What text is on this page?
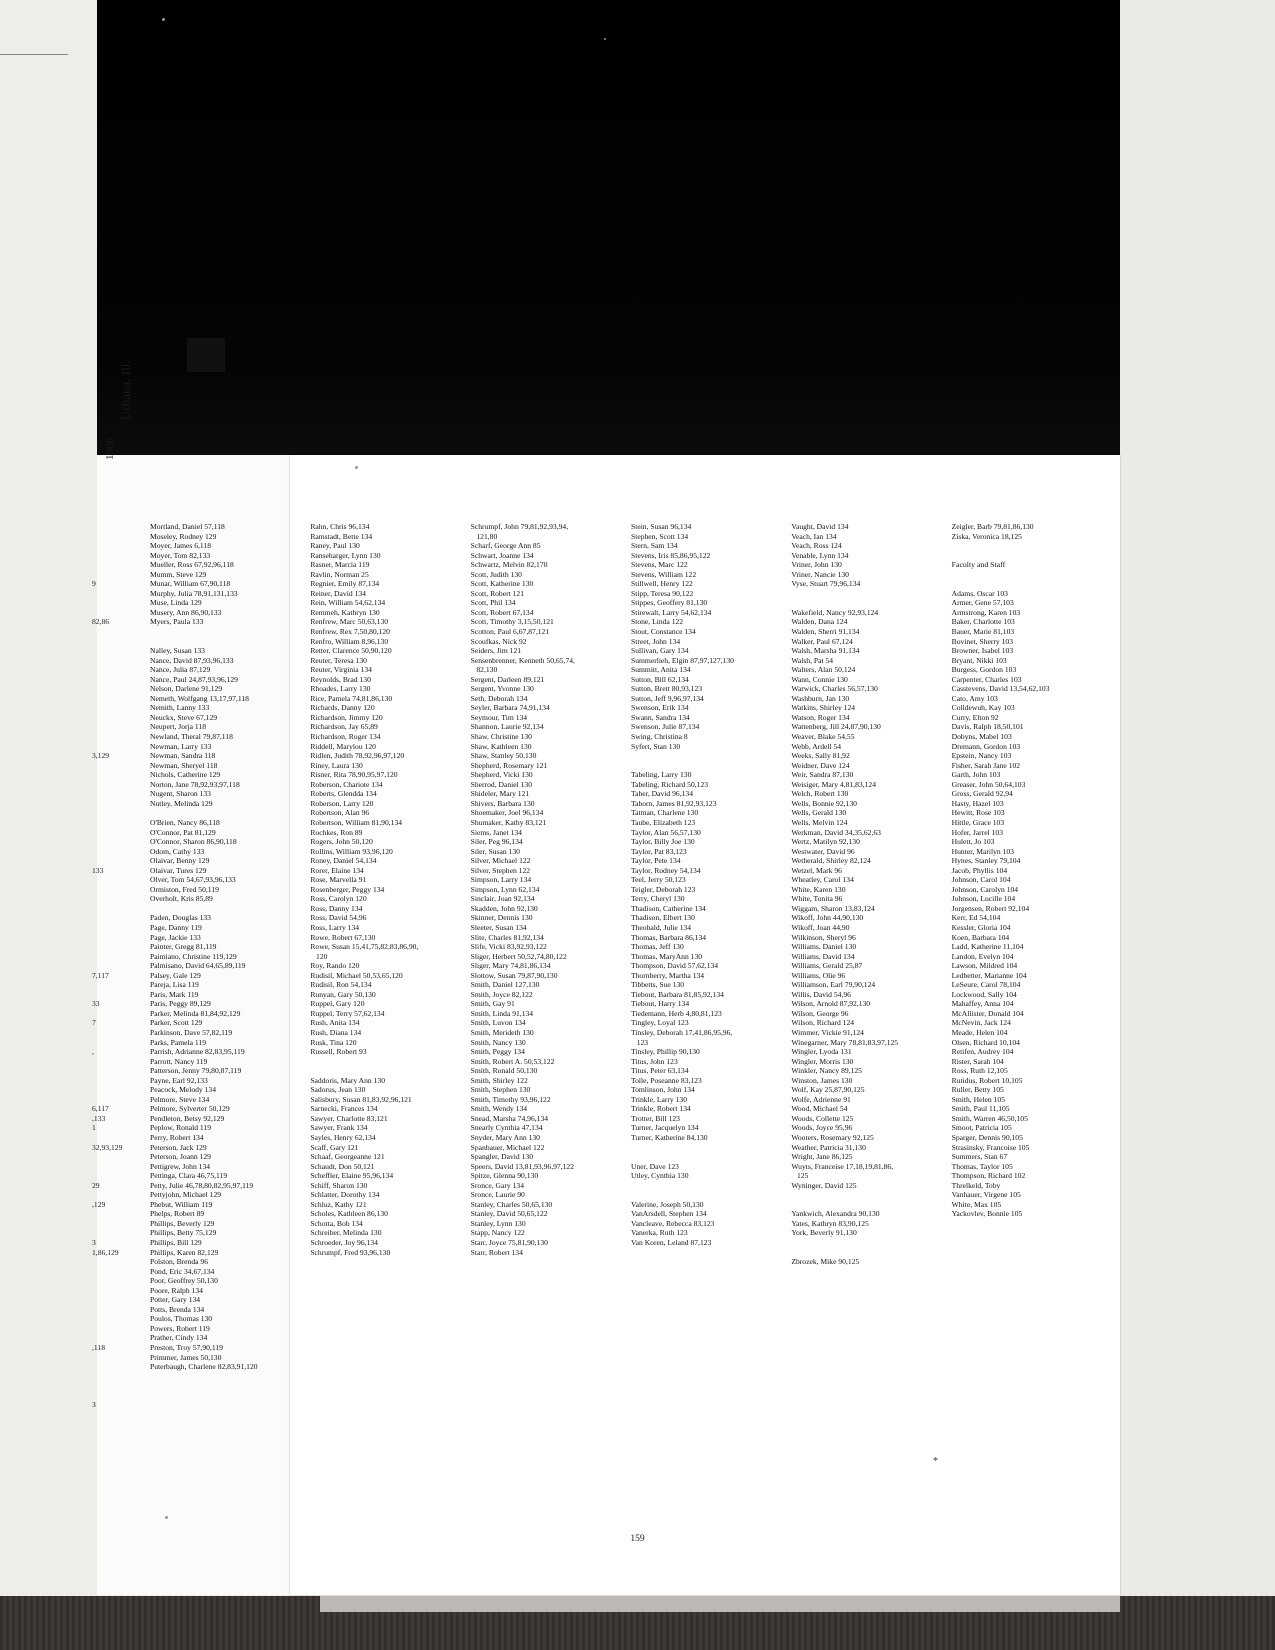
1966
Urbana, Ill.
9
82,86
3,129
133
7,117
33
7
,
6,117
,133
1
32,93,129
29
,129
3
1,86,129
,118
3
Mortland, Daniel 57,118
Moseley, Rodney 129
Moyer, James 6,118
Moyer, Tom 82,133
Mueller, Ross 67,92,96,118
Mumm, Steve 129
Munar, William 67,90,118
Murphy, Julia 78,91,131,133
Muse, Linda 129
Musery, Ann 86,90,133
Myers, Paula 133
Nalley, Susan 133
Nance, David 87,93,96,133
Nance, Julia 87,129
Nance, Paul 24,87,93,96,129
Nelson, Darlene 91,129
Nemeth, Wolfgang 13,17,97,118
Nemith, Lanny 133
Neuckx, Steve 67,129
Neupert, Jorja 118
Newland, Theral 79,87,118
Newman, Larry 133
Newman, Sandra 118
Newman, Sheryel 118
Nichols, Catherine 129
Norton, Jane 78,92,93,97,118
Nugent, Sharon 133
Nutley, Melinda 129
O'Brien, Nancy 86,118
O'Connor, Pat 81,129
O'Connor, Sharon 86,90,118
Odom, Cathy 133
Olaivar, Benny 129
Olaivar, Tures 129
Olver, Tom 54,67,93,96,133
Ormiston, Fred 50,119
Overholt, Kris 85,89
Paden, Douglas 133
Page, Danny 119
Page, Jackie 133
Painter, Gregg 81,119
Paimiano, Christine 119,129
Palmisano, David 64,65,89,119
Palsey, Gale 129
Pareja, Lisa 119
Paris, Mark 119
Paris, Peggy 89,129
Parker, Melinda 81,84,92,129
Parker, Scott 129
Parkinson, Dave 57,82,119
Parks, Pamela 119
Parrish, Adrianne 82,83,95,119
Parrott, Nancy 119
Patterson, Jenny 79,80,87,119
Payne, Earl 92,133
Peacock, Melody 134
Pelmore, Steve 134
Pelmore, Sylverter 50,129
Pendleton, Betsy 92,129
Peplow, Ronald 119
Perry, Robert 134
Peterson, Jack 129
Peterson, Joann 129
Pettigrew, John 134
Pettinga, Clara 46,75,119
Petty, Julie 46,78,80,82,95,97,119
Pettyjohn, Michael 129
Phebut, William 119
Phelps, Robert 89
Phillips, Beverly 129
Phillips, Betty 75,129
Phillips, Bill 129
Phillips, Karen 82,129
Polston, Brenda 96
Pond, Eric 34,67,134
Poor, Geoffrey 50,130
Poore, Ralph 134
Potter, Gary 134
Potts, Brenda 134
Poulos, Thomas 130
Powers, Robert 119
Prather, Cindy 134
Preston, Troy 57,90,119
Primmer, James 50,130
Puterbaugh, Charlene 82,83,91,120
Rahn, Chris 96,134
Ramstadt, Bette 134
Raney, Paul 130
Ranseharger, Lynn 130
Rasner, Marcia 119
Ravlin, Norman 25
Regnier, Emily 87,134
Reiner, David 134
Rein, William 54,62,134
Remmeh, Kathryn 130
Renfrew, Marc 50,63,130
Renfrew, Rex 7,50,80,120
Renfro, William 8,96,130
Retter, Clarence 50,90,120
Reuter, Teresa 130
Reuter, Virginia 134
Reynolds, Brad 130
Rhoades, Larry 130
Rice, Pamela 74,81,86,130
Richards, Danny 120
Richardson, Jimmy 120
Richardson, Jay 65,89
Richardson, Roger 134
Riddell, Marylou 120
Ridlen, Judith 78,92,96,97,120
Riney, Laura 130
Risner, Rita 78,90,95,97,120
Roberson, Chariote 134
Roberts, Glendda 134
Roberson, Larry 120
Robertson, Alan 96
Robertson, William 81,90,134
Rochkes, Ron 89
Rogers, John 50,120
Rollins, William 93,96,120
Roney, Daniel 54,134
Rorer, Elaine 134
Rose, Marvella 91
Rosenberger, Peggy 134
Ross, Carolyn 120
Ross, Danny 134
Ross, David 54,96
Ross, Larry 134
Rowe, Robert 67,130
Rowe, Susan 15,41,75,82,83,86,90,
120
Roy, Rando 120
Rudisil, Michael 50,53,65,120
Rudisil, Ron 54,134
Runyan, Gary 50,130
Ruppel, Gary 120
Ruppel, Terry 57,62,134
Rush, Anita 134
Rush, Diana 134
Rusk, Tina 120
Russell, Robert 93
Saddoris, Mary Ann 130
Sadorus, Jean 130
Salisbury, Susan 81,83,92,96,121
Sarnecki, Frances 134
Sawyer, Charlotte 83,121
Sawyer, Frank 134
Sayles, Henry 62,134
Scaff, Gary 121
Schaaf, Georgeanne 121
Schaudt, Don 50,121
Scheffler, Elaine 95,96,134
Schiff, Sharon 130
Schlatter, Dorothy 134
Schluz, Kathy 121
Scholes, Kathleen 86,130
Schotta, Bob 134
Schreiber, Melinda 130
Schroeder, Joy 96,134
Schrumpf, Fred 93,96,130
Schrumpf, John 79,81,92,93,94,
121,80
Scharf, George Ann 85
Schwart, Joanne 134
Schwartz, Melvin 82,170
Scott, Judith 130
Scott, Katherine 130
Scott, Robert 121
Scott, Phil 134
Scott, Robert 67,134
Scott, Timothy 3,15,50,121
Scotton, Paul 6,67,87,121
Scoufkas, Nick 92
Seiders, Jim 121
Sensenbrenner, Kenneth 50,65,74,
82,130
Sergent, Darleen 89,121
Sergent, Yvonne 130
Seth, Deborah 134
Seyler, Barbara 74,91,134
Seymour, Tim 134
Shannon, Laurie 92,134
Shaw, Christine 130
Shaw, Kathleen 130
Shaw, Stanley 50,130
Shepherd, Rosemary 121
Shepherd, Vicki 130
Sherrod, Daniel 130
Shideler, Mary 121
Shivers, Barbara 130
Shoemaker, Joel 96,134
Shumaker, Kathy 83,121
Siems, Janet 134
Siler, Peg 96,134
Siler, Susan 130
Silver, Michael 122
Silver, Stephen 122
Simpson, Larry 134
Simpson, Lynn 62,134
Sinclair, Joan 92,134
Skadden, John 92,130
Skinner, Dennis 130
Sleeter, Susan 134
Slite, Charles 81,92,134
Slife, Vicki 83,92,93,122
Sliger, Herbert 50,52,74,80,122
Sliger, Mary 74,81,86,134
Slottow, Susan 79,87,90,130
Smith, Daniel 127,130
Smith, Joyce 82,122
Smith, Gay 91
Smith, Linda 91,134
Smith, Luvon 134
Smith, Merideth 130
Smith, Nancy 130
Smith, Peggy 134
Smith, Robert A. 50,53,122
Smith, Ronald 50,130
Smith, Shirley 122
Smith, Stephen 130
Smith, Timothy 93,96,122
Smith, Wendy 134
Snead, Marsha 74,96,134
Snearly Cynthia 47,134
Snyder, Mary Ann 130
Spanbauer, Michael 122
Spangler, David 130
Speers, David 13,81,93,96,97,122
Spitze, Glenna 90,130
Sronce, Gary 134
Sronce, Laurie 90
Stanley, Charles 50,65,130
Stanley, David 50,65,122
Stanley, Lynn 130
Stapp, Nancy 122
Starr, Joyce 75,81,90,130
Starr, Robert 134
Stein, Susan 96,134
Stephen, Scott 134
Stern, Sam 134
Stevens, Iris 85,86,95,122
Stevens, Marc 122
Stevens, William 122
Stillwell, Henry 122
Stipp, Teresa 90,122
Stippes, Geoffery 81,130
Stirewalt, Larry 54,62,134
Stone, Linda 122
Stout, Constance 134
Street, John 134
Sullivan, Gary 134
Summerlieh, Elgin 87,97,127,130
Summitt, Anita 134
Sutton, Bill 62,134
Sutton, Brett 80,93,123
Sutton, Jeff 9,96,97,134
Swenson, Erik 134
Swann, Sandra 134
Swenson, Julie 87,134
Swing, Christina 8
Syfert, Stan 130
Tabeling, Larry 130
Tabeling, Richard 50,123
Taber, David 96,134
Taborn, James 81,92,93,123
Tatman, Charlene 130
Taube, Elizabeth 123
Taylor, Alan 56,57,130
Taylor, Billy Joe 130
Taylor, Pat 83,123
Taylor, Pete 134
Taylor, Rodney 54,134
Teel, Jerry 50,123
Teigler, Deborah 123
Terry, Cheryl 130
Thadison, Catherine 134
Thadison, Elbert 130
Theobald, Julie 134
Thomas, Barbara 86,134
Thomas, Jeff 130
Thomas, MaryAnn 130
Thompson, David 57,62,134
Thornberry, Martha 134
Tibbetts, Sue 130
Tiebout, Barbara 81,85,92,134
Tiebout, Harry 134
Tiedemann, Herb 4,80,81,123
Tingley, Loyal 123
Tinsley, Deborah 17,41,86,95,96,
123
Tinsley, Phillip 90,130
Titus, John 123
Titus, Peter 63,134
Tolle, Poseanne 83,123
Tomlinson, John 134
Trinkle, Larry 130
Trinkle, Robert 134
Trotter, Bill 123
Turner, Jacquelyn 134
Turner, Katherine 84,130
Uner, Dave 123
Utley, Cynthia 130
Valerine, Joseph 50,130
VanArsdell, Stephen 134
Vancleave, Rebecca 83,123
Vanerka, Ruth 123
Van Koren, Leland 87,123
Vaught, David 134
Veach, Ian 134
Veach, Ross 124
Venable, Lynn 134
Vriner, John 130
Vriner, Nancie 130
Vyse, Stuart 79,96,134
Wakefield, Nancy 92,93,124
Walden, Dana 124
Walden, Sherri 91,134
Walker, Paul 67,124
Walsh, Marsha 91,134
Walsh, Pat 54
Walters, Alan 50,124
Wann, Connie 130
Warwick, Charles 56,57,130
Washburn, Jan 130
Watkins, Shirley 124
Watson, Roger 134
Wattenberg, Jill 24,87,90,130
Weaver, Blake 54,55
Webb, Ardell 54
Weeks, Sally 81,92
Weidner, Dave 124
Weir, Sandra 87,130
Weisiger, Mary 4,81,83,124
Welch, Robert 130
Wells, Bonnie 92,130
Wells, Gerald 130
Wells, Melvin 124
Werkman, David 34,35,62,63
Wertz, Matilyn 92,130
Westwater, David 96
Wetherald, Shirley 82,124
Wetzel, Mark 96
Wheatley, Carol 134
White, Karen 130
White, Tonita 96
Wiggam, Sharon 13,83,124
Wikoff, John 44,90,130
Wikoff, Joan 44,90
Wilkinson, Sheryl 96
Williams, Daniel 130
Williams, David 134
Williams, Gerald 25,87
Williams, Olie 96
Williamson, Earl 79,90,124
Willis, David 54,96
Wilson, Arnold 87,92,130
Wilson, George 96
Wilson, Richard 124
Wimmer, Vickie 91,124
Winegarner, Mary 78,81,83,97,125
Wingler, Lyoda 131
Wingler, Morris 130
Winkler, Nancy 89,125
Winston, James 130
Wolf, Kay 25,87,90,125
Wolfe, Adrienne 91
Wood, Michael 54
Woods, Collette 125
Woods, Joyce 95,96
Wooters, Rosemary 92,125
Weather, Patricia 31,130
Wright, Jane 86,125
Wuyts, Franceise 17,18,19,81,86,
125
Wyninger, David 125
Yankwich, Alexandra 90,130
Yates, Kathryn 83,90,125
York, Beverly 91,130
Zbrozek, Mike 90,125
Zeigler, Barb 79,81,86,130
Ziska, Veronica 18,125
Faculty and Staff
Adams, Oscar 103
Armer, Gene 57,103
Armstrong, Karen 103
Baker, Charlotte 103
Bauer, Marie 81,103
Bovinet, Sherry 103
Browner, Isabel 103
Bryant, Nikki 103
Burgess, Gordon 103
Carpenter, Charles 103
Casstevens, David 13,54,62,103
Cato, Amy 103
Colldewuh, Kay 103
Curry, Elton 92
Davis, Ralph 18,50,101
Dobyns, Mabel 103
Dremann, Gordon 103
Epstein, Nancy 103
Fisher, Sarah Jane 102
Garth, John 103
Greaser, John 50,64,103
Gross, Gerald 92,94
Hasty, Hazel 103
Hewitt, Rose 103
Hittle, Grace 103
Hofer, Jarrel 103
Hulett, Jo 103
Hunter, Marilyn 103
Hynes, Stanley 79,104
Jacob, Phyllis 104
Johnson, Carol 104
Johnson, Carolyn 104
Johnson, Lucille 104
Jorgensen, Robert 92,104
Kerr, Ed 54,104
Kessler, Gloria 104
Koen, Barbara 104
Ladd, Katherine 11,104
Landon, Evelyn 104
Lawson, Mildred 104
Ledbetter, Marianne 104
LeSeure, Carol 78,104
Lockwood, Sally 104
Mahaffey, Anna 104
McAllister, Donald 104
McNevin, Jack 124
Meade, Helen 104
Olsen, Richard 10,104
Retifen, Audrey 104
Rister, Sarah 104
Ross, Ruth 12,105
Rutidus, Robert 10,105
Ruller, Betty 105
Smith, Helen 105
Smith, Paul 11,105
Smith, Warren 46,50,105
Smoot, Patricia 105
Sparger, Dennis 90,105
Strasinsky, Francoise 105
Summers, Stan 67
Thomas, Taylor 105
Thompson, Richard 102
Threlkeld, Toby
Vanhauer, Virgene 105
White, Max 105
Yackovlev, Bonnie 105
*
159
